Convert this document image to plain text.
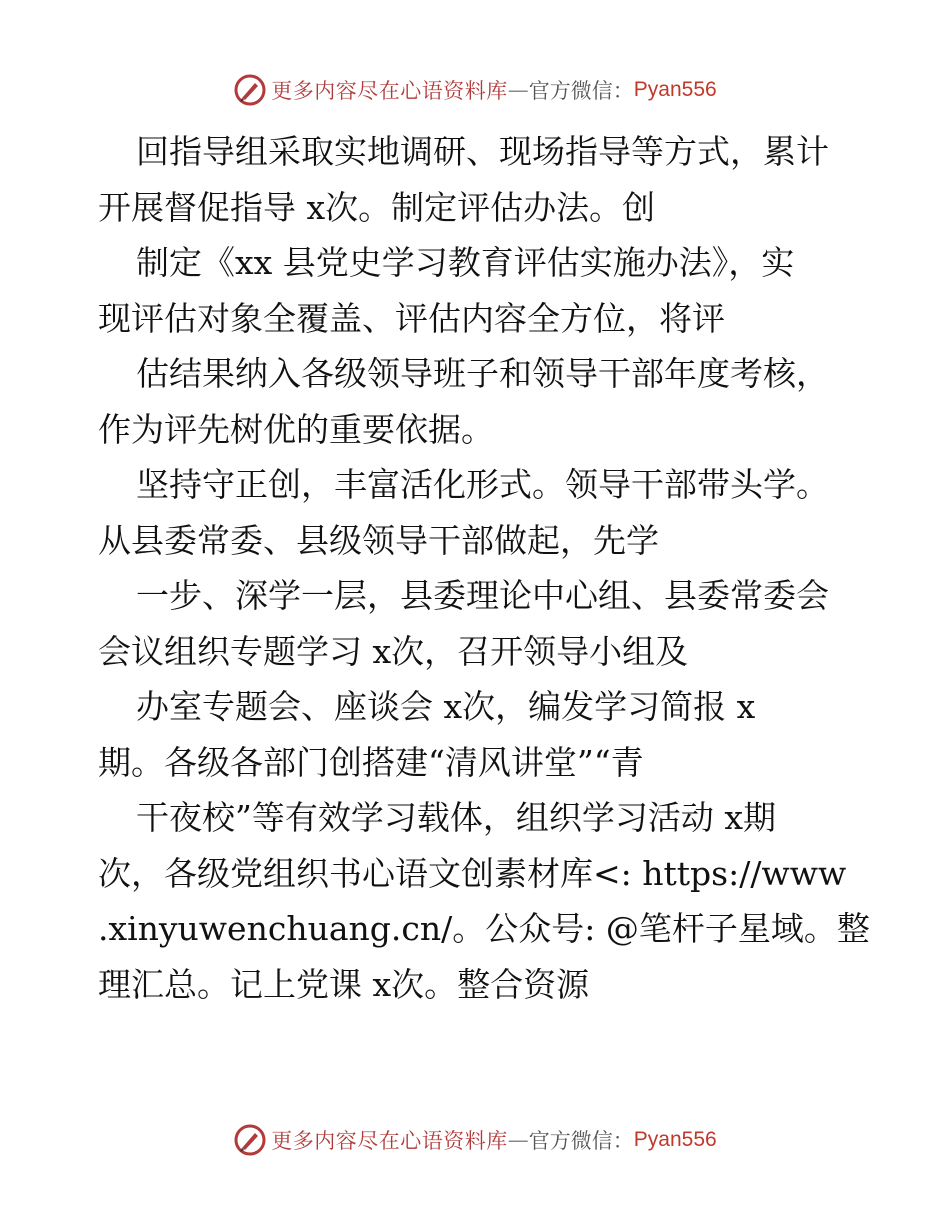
更多内容尽在心语资料库 — 官方微信： Pyan556
回指导组采取实地调研、现场指导等方式，累计
开展督促指导 x次。制定评估办法。创
制定《xx 县党史学习教育评估实施办法》，实
现评估对象全覆盖、评估内容全方位，将评
估结果纳入各级领导班子和领导干部年度考核，
作为评先树优的重要依据。
坚持守正创，丰富活化形式。领导干部带头学。
从县委常委、县级领导干部做起，先学
一步、深学一层，县委理论中心组、县委常委会
会议组织专题学习 x次，召开领导小组及
办室专题会、座谈会 x次，编发学习简报 x
期。各级各部门创搭建“清风讲堂”“青
干夜校”等有效学习载体，组织学习活动 x期
次，各级党组织书心语文创素材库<: https://www
.xinyuwenchuang.cn/。公众号: @笔杆子星域。整
理汇总。记上党课 x次。整合资源
更多内容尽在心语资料库 — 官方微信： Pyan556
